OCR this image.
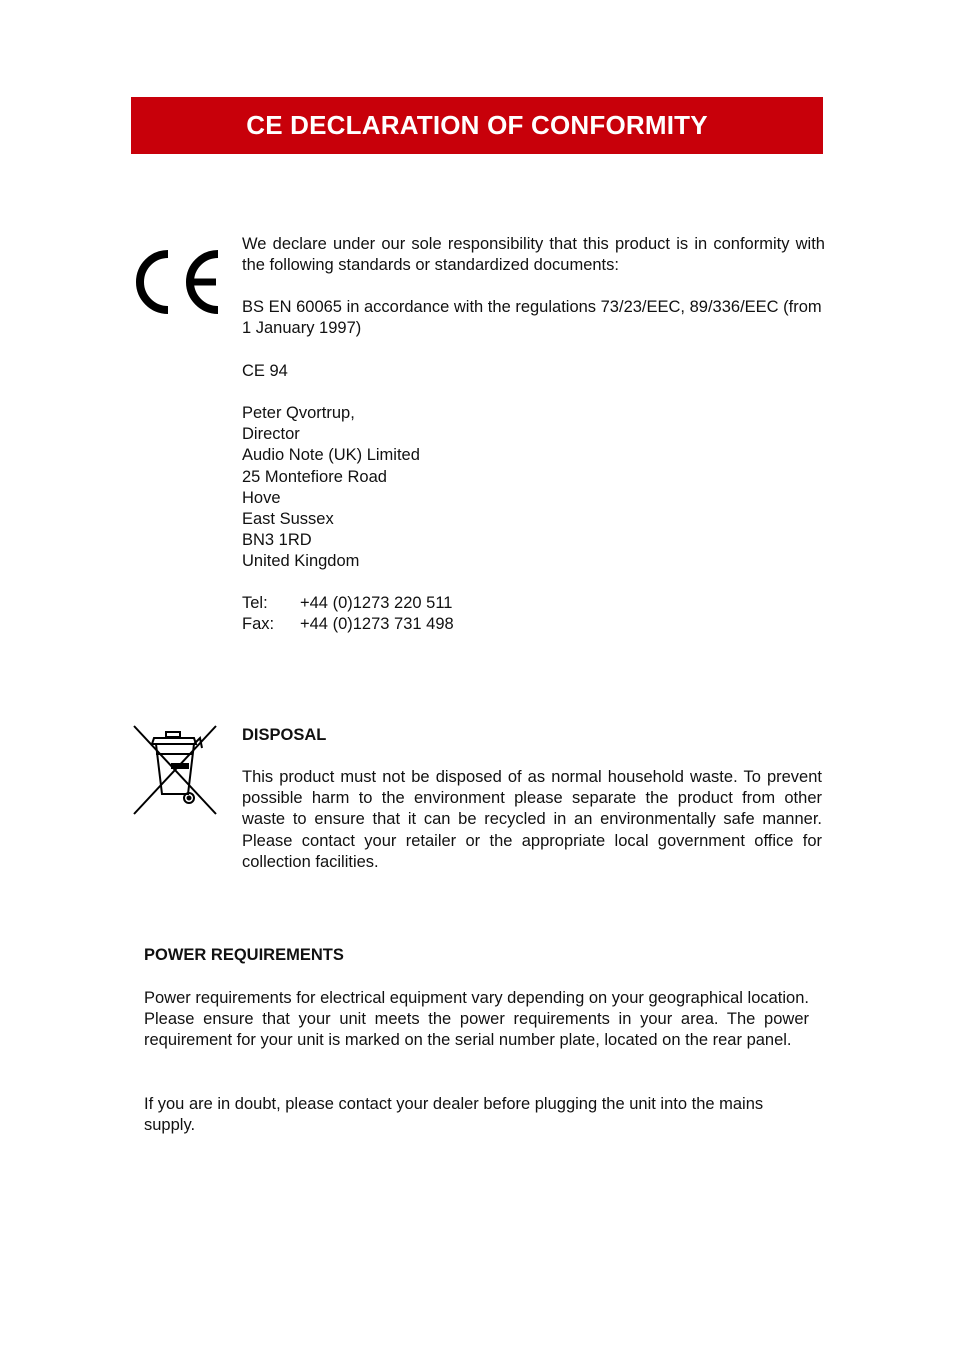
CE DECLARATION OF CONFORMITY

We declare under our sole responsibility that this product is in conformity with the following standards or standardized documents:

BS EN 60065 in accordance with the regulations 73/23/EEC, 89/336/EEC (from 1 January 1997)

CE 94

Peter Qvortrup,
Director
Audio Note (UK) Limited
25 Montefiore Road
Hove
East Sussex
BN3 1RD
United Kingdom
Tel:	+44 (0)1273 220 511
Fax:	+44 (0)1273 731 498

DISPOSAL

This product must not be disposed of as normal household waste. To prevent possible harm to the environment please separate the product from other waste to ensure that it can be recycled in an environmentally safe manner. Please contact your retailer or the appropriate local government office for collection facilities.

POWER REQUIREMENTS

Power requirements for electrical equipment vary depending on your geographical location. Please ensure that your unit meets the power requirements in your area. The power requirement for your unit is marked on the serial number plate, located on the rear panel.

If you are in doubt, please contact your dealer before plugging the unit into the mains supply.
